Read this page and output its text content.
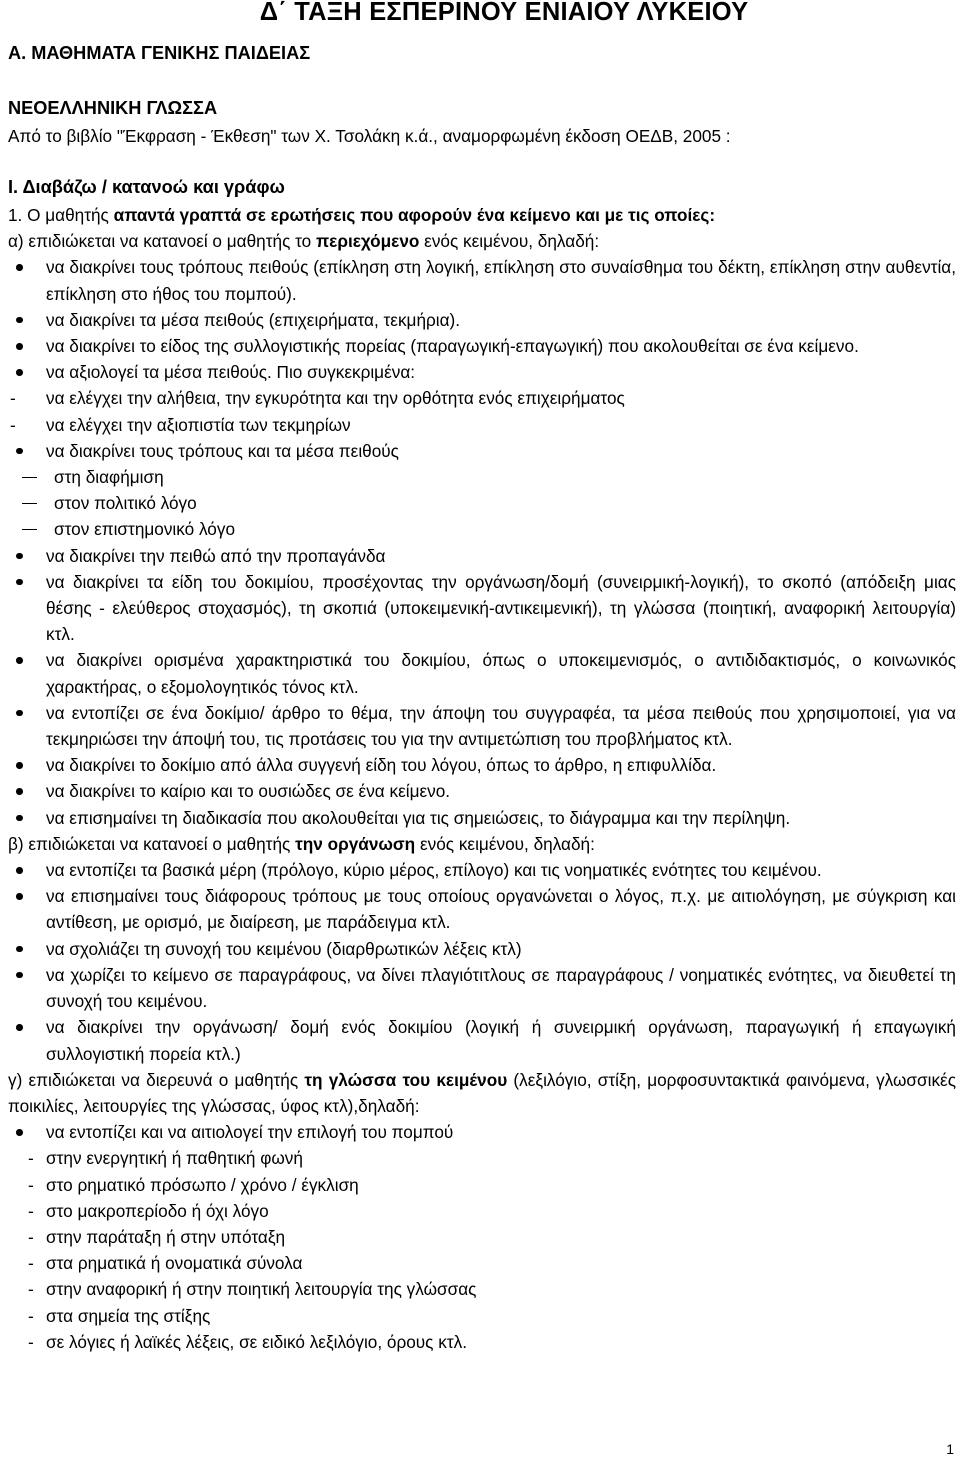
Δ΄ ΤΑΞΗ ΕΣΠΕΡΙΝΟΥ ΕΝΙΑΙΟΥ ΛΥΚΕΙΟΥ
Α. ΜΑΘΗΜΑΤΑ ΓΕΝΙΚΗΣ ΠΑΙΔΕΙΑΣ
ΝΕΟΕΛΛΗΝΙΚΗ ΓΛΩΣΣΑ
Από το βιβλίο "Έκφραση - Έκθεση" των Χ. Τσολάκη κ.ά., αναμορφωμένη έκδοση ΟΕΔΒ, 2005 :
Ι. Διαβάζω / κατανοώ και γράφω

1. Ο μαθητής απαντά γραπτά σε ερωτήσεις που αφορούν ένα κείμενο και με τις οποίες:

α) επιδιώκεται να κατανοεί ο μαθητής το περιεχόμενο ενός κειμένου, δηλαδή:

να διακρίνει τους τρόπους πειθούς (επίκληση στη λογική, επίκληση στο συναίσθημα του δέκτη, επίκληση στην αυθεντία, επίκληση στο ήθος του πομπού).
να διακρίνει τα μέσα πειθούς (επιχειρήματα, τεκμήρια).
να διακρίνει το είδος της συλλογιστικής πορείας (παραγωγική-επαγωγική) που ακολουθείται σε ένα κείμενο.
να αξιολογεί τα μέσα πειθούς. Πιο συγκεκριμένα:
- να ελέγχει την αλήθεια, την εγκυρότητα και την ορθότητα ενός επιχειρήματος
- να ελέγχει την αξιοπιστία των τεκμηρίων
να διακρίνει τους τρόπους και τα μέσα πειθούς
στη διαφήμιση
στον πολιτικό λόγο
στον επιστημονικό λόγο
να διακρίνει την πειθώ από την προπαγάνδα
να διακρίνει τα είδη του δοκιμίου, προσέχοντας την οργάνωση/δομή (συνειρμική-λογική), το σκοπό (απόδειξη μιας θέσης - ελεύθερος στοχασμός), τη σκοπιά (υποκειμενική-αντικειμενική), τη γλώσσα (ποιητική, αναφορική λειτουργία) κτλ.
να διακρίνει ορισμένα χαρακτηριστικά του δοκιμίου, όπως ο υποκειμενισμός, ο αντιδιδακτισμός, ο κοινωνικός χαρακτήρας, ο εξομολογητικός τόνος κτλ.
να εντοπίζει σε ένα δοκίμιο/ άρθρο το θέμα, την άποψη του συγγραφέα, τα μέσα πειθούς που χρησιμοποιεί, για να τεκμηριώσει την άποψή του, τις προτάσεις του για την αντιμετώπιση του προβλήματος κτλ.
να διακρίνει το δοκίμιο από άλλα συγγενή είδη του λόγου, όπως το άρθρο, η επιφυλλίδα.
να διακρίνει το καίριο και το ουσιώδες σε ένα κείμενο.
να επισημαίνει τη διαδικασία που ακολουθείται για τις σημειώσεις, το διάγραμμα και την περίληψη.

β) επιδιώκεται να κατανοεί ο μαθητής την οργάνωση ενός κειμένου, δηλαδή:

να εντοπίζει τα βασικά μέρη (πρόλογο, κύριο μέρος, επίλογο) και τις νοηματικές ενότητες του κειμένου.
να επισημαίνει τους διάφορους τρόπους με τους οποίους οργανώνεται ο λόγος, π.χ. με αιτιολόγηση, με σύγκριση και αντίθεση, με ορισμό, με διαίρεση, με παράδειγμα κτλ.
να σχολιάζει τη συνοχή του κειμένου (διαρθρωτικών λέξεις κτλ)
να χωρίζει το κείμενο σε παραγράφους, να δίνει πλαγιότιτλους σε παραγράφους / νοηματικές ενότητες, να διευθετεί τη συνοχή του κειμένου.
να διακρίνει την οργάνωση/ δομή ενός δοκιμίου (λογική ή συνειρμική οργάνωση, παραγωγική ή επαγωγική συλλογιστική πορεία κτλ.)

γ) επιδιώκεται να διερευνά ο μαθητής τη γλώσσα του κειμένου (λεξιλόγιο, στίξη, μορφοσυντακτικά φαινόμενα, γλωσσικές ποικιλίες, λειτουργίες της γλώσσας, ύφος κτλ),δηλαδή:

να εντοπίζει και να αιτιολογεί την επιλογή του πομπού
- στην ενεργητική ή παθητική φωνή
- στο ρηματικό πρόσωπο / χρόνο / έγκλιση
- στο μακροπερίοδο ή όχι λόγο
- στην παράταξη ή στην υπόταξη
- στα ρηματικά ή ονοματικά σύνολα
- στην αναφορική ή στην ποιητική λειτουργία της γλώσσας
- στα σημεία της στίξης
- σε λόγιες ή λαϊκές λέξεις, σε ειδικό λεξιλόγιο, όρους κτλ.
1
